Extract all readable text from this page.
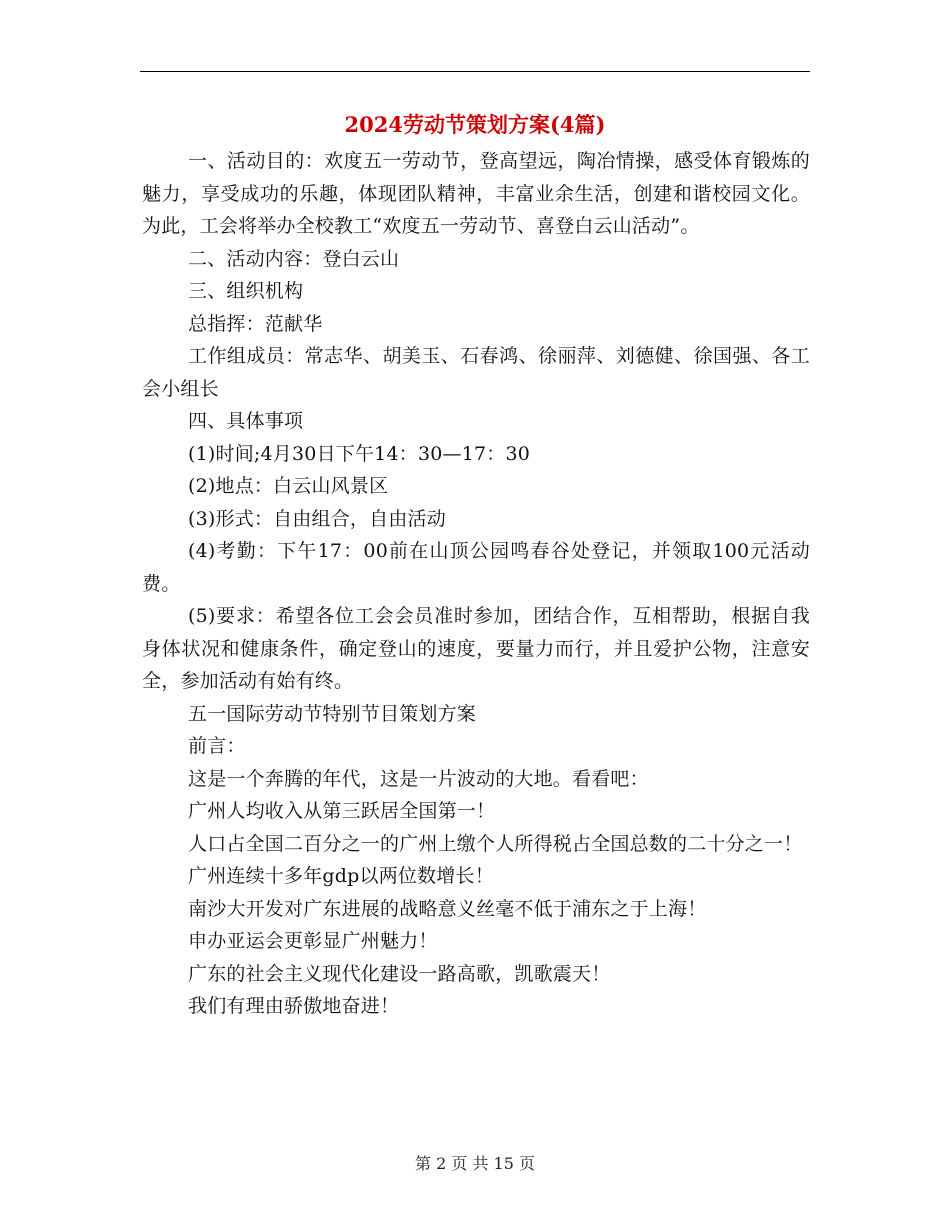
2024劳动节策划方案(4篇)

一、活动目的：欢度五一劳动节，登高望远，陶冶情操，感受体育锻炼的魅力，享受成功的乐趣，体现团队精神，丰富业余生活，创建和谐校园文化。为此，工会将举办全校教工“欢度五一劳动节、喜登白云山活动”。

二、活动内容：登白云山

三、组织机构

总指挥：范献华

工作组成员：常志华、胡美玉、石春鸿、徐丽萍、刘德健、徐国强、各工会小组长

四、具体事项

(1)时间;4月30日下午14：30—17：30

(2)地点：白云山风景区

(3)形式：自由组合，自由活动

(4)考勤：下午17：00前在山顶公园鸣春谷处登记，并领取100元活动费。

(5)要求：希望各位工会会员准时参加，团结合作，互相帮助，根据自我身体状况和健康条件，确定登山的速度，要量力而行，并且爱护公物，注意安全，参加活动有始有终。

五一国际劳动节特别节目策划方案

前言：

这是一个奔腾的年代，这是一片波动的大地。看看吧：

广州人均收入从第三跃居全国第一！

人口占全国二百分之一的广州上缴个人所得税占全国总数的二十分之一！

广州连续十多年gdp以两位数增长！

南沙大开发对广东进展的战略意义丝毫不低于浦东之于上海！

申办亚运会更彰显广州魅力！

广东的社会主义现代化建设一路高歌，凯歌震天！

我们有理由骄傲地奋进！

第 2 页 共 15 页
